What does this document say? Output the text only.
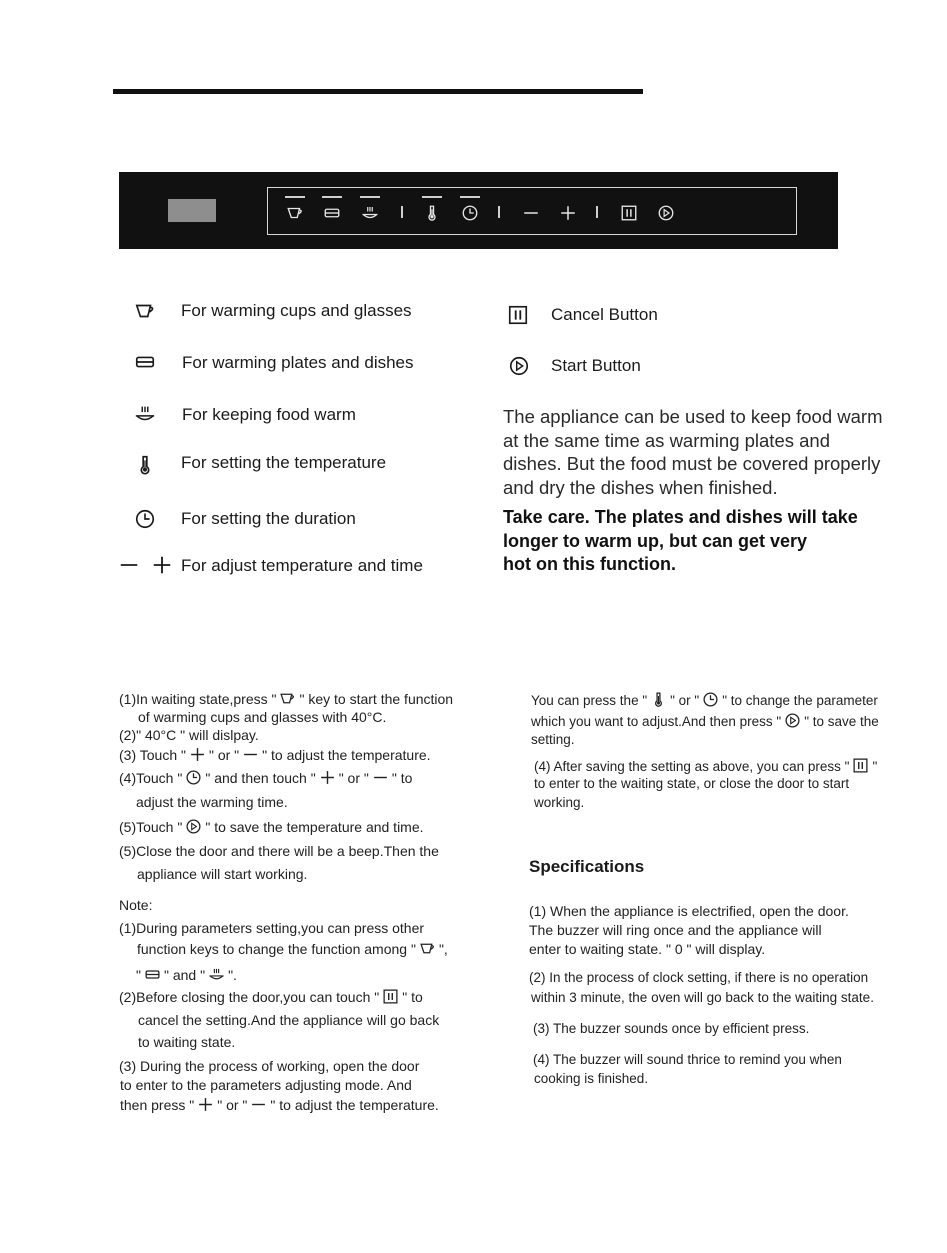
For warming cups and glasses
For warming plates and dishes
For keeping food warm
For setting the temperature
For setting the duration
For adjust temperature and time
Cancel Button
Start Button
The appliance can be used to keep food warm
at the same time as warming plates and
dishes. But the food must be covered properly
and dry the dishes when finished.
Take care. The plates and dishes will take
longer to warm up, but can get very
hot on this function.
(1)In waiting state,press " " key to start the function
of warming cups and glasses with 40°C.
(2)" 40°C " will dislpay.
(3) Touch " " or " " to adjust the temperature.
(4)Touch " " and then touch " " or " " to
adjust the warming time.
(5)Touch " " to save the temperature and time.
(5)Close the door and there will be a beep.Then the
appliance will start working.
Note:
(1)During parameters setting,you can press other
function keys to change the function among " ",
" " and " ".
(2)Before closing the door,you can touch " " to
cancel the setting.And the appliance will go back
to waiting state.
(3) During the process of working, open the door
to enter to the parameters adjusting mode. And
then press " " or " " to adjust the temperature.
You can press the " " or " " to change the parameter
which you want to adjust.And then press " " to save the
setting.
(4) After saving the setting as above, you can press " "
to enter to the waiting state, or close the door to start
working.
Specifications
(1) When the appliance is electrified, open the door.
The buzzer will ring once and the appliance will
enter to waiting state. " 0 " will display.
(2) In the process of clock setting, if there is no operation
within 3 minute, the oven will go back to the waiting state.
(3) The buzzer sounds once by efficient press.
(4) The buzzer will sound thrice to remind you when
cooking is finished.
